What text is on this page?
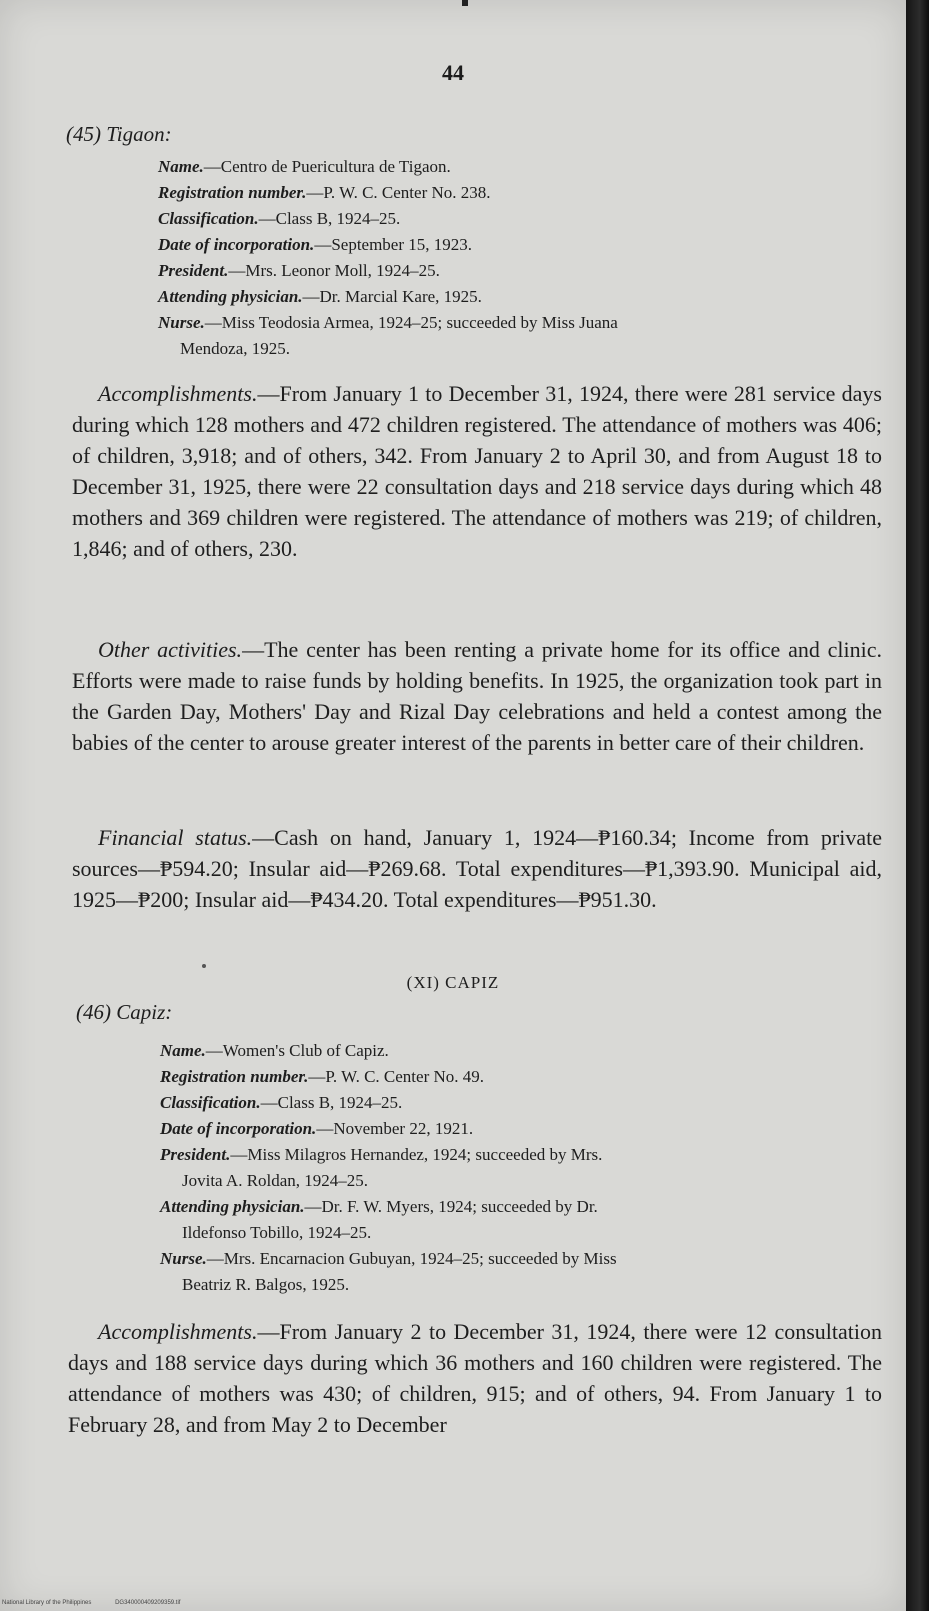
44
(45) Tigaon:

Name.—Centro de Puericultura de Tigaon.

Registration number.—P. W. C. Center No. 238.

Classification.—Class B, 1924–25.

Date of incorporation.—September 15, 1923.

President.—Mrs. Leonor Moll, 1924–25.

Attending physician.—Dr. Marcial Kare, 1925.

Nurse.—Miss Teodosia Armea, 1924–25; succeeded by Miss Juana
Mendoza, 1925.

Accomplishments.—From January 1 to December 31, 1924, there were 281 service days during which 128 mothers and 472 children registered. The attendance of mothers was 406; of children, 3,918; and of others, 342. From January 2 to April 30, and from August 18 to December 31, 1925, there were 22 consultation days and 218 service days during which 48 mothers and 369 children were registered. The attendance of mothers was 219; of children, 1,846; and of others, 230.

Other activities.—The center has been renting a private home for its office and clinic. Efforts were made to raise funds by holding benefits. In 1925, the organization took part in the Garden Day, Mothers' Day and Rizal Day celebrations and held a contest among the babies of the center to arouse greater interest of the parents in better care of their children.

Financial status.—Cash on hand, January 1, 1924—₱160.34; Income from private sources—₱594.20; Insular aid—₱269.68. Total expenditures—₱1,393.90. Municipal aid, 1925—₱200; Insular aid—₱434.20. Total expenditures—₱951.30.

(XI) CAPIZ
(46) Capiz:

Name.—Women's Club of Capiz.

Registration number.—P. W. C. Center No. 49.

Classification.—Class B, 1924–25.

Date of incorporation.—November 22, 1921.

President.—Miss Milagros Hernandez, 1924; succeeded by Mrs.
Jovita A. Roldan, 1924–25.

Attending physician.—Dr. F. W. Myers, 1924; succeeded by Dr.
Ildefonso Tobillo, 1924–25.

Nurse.—Mrs. Encarnacion Gubuyan, 1924–25; succeeded by Miss
Beatriz R. Balgos, 1925.

Accomplishments.—From January 2 to December 31, 1924, there were 12 consultation days and 188 service days during which 36 mothers and 160 children were registered. The attendance of mothers was 430; of children, 915; and of others, 94. From January 1 to February 28, and from May 2 to December

National Library of the Philippines	DG340000409209359.tif
